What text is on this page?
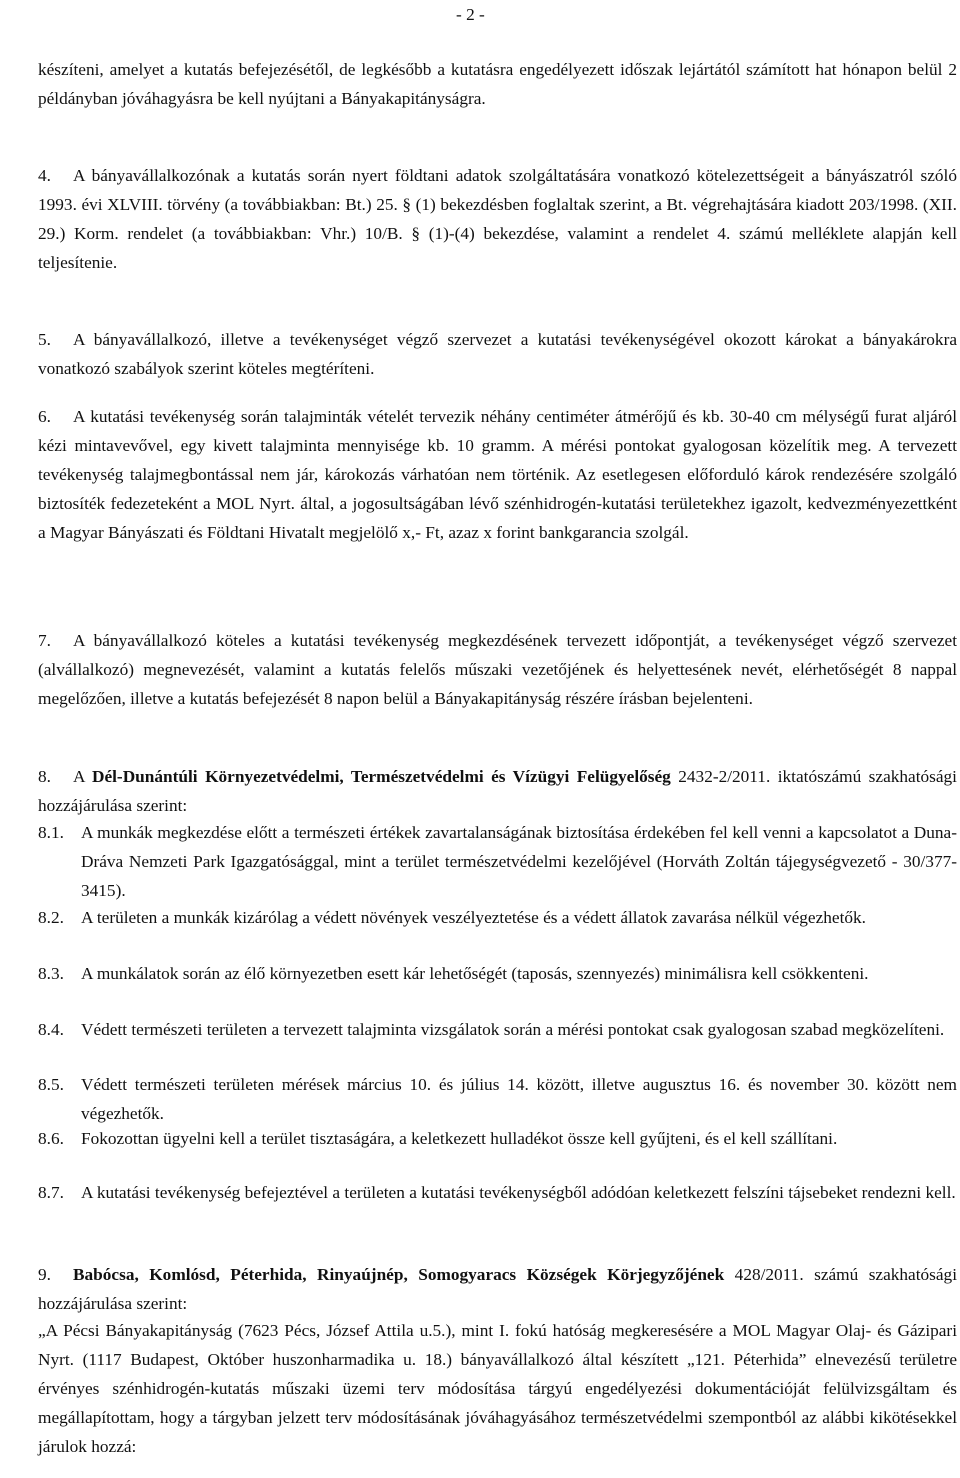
- 2 -
készíteni, amelyet a kutatás befejezésétől, de legkésőbb a kutatásra engedélyezett időszak lejártától számított hat hónapon belül 2 példányban jóváhagyásra be kell nyújtani a Bányakapitányságra.
4. A bányavállalkozónak a kutatás során nyert földtani adatok szolgáltatására vonatkozó kötelezettségeit a bányászatról szóló 1993. évi XLVIII. törvény (a továbbiakban: Bt.) 25. § (1) bekezdésben foglaltak szerint, a Bt. végrehajtására kiadott 203/1998. (XII. 29.) Korm. rendelet (a továbbiakban: Vhr.) 10/B. § (1)-(4) bekezdése, valamint a rendelet 4. számú melléklete alapján kell teljesítenie.
5. A bányavállalkozó, illetve a tevékenységet végző szervezet a kutatási tevékenységével okozott károkat a bányakárokra vonatkozó szabályok szerint köteles megtéríteni.
6. A kutatási tevékenység során talajminták vételét tervezik néhány centiméter átmérőjű és kb. 30-40 cm mélységű furat aljáról kézi mintavevővel, egy kivett talajminta mennyisége kb. 10 gramm. A mérési pontokat gyalogosan közelítik meg. A tervezett tevékenység talajmegbontással nem jár, károkozás várhatóan nem történik. Az esetlegesen előforduló károk rendezésére szolgáló biztosíték fedezeteként a MOL Nyrt. által, a jogosultságában lévő szénhidrogén-kutatási területekhez igazolt, kedvezményezettként a Magyar Bányászati és Földtani Hivatalt megjelölő x,- Ft, azaz x forint bankgarancia szolgál.
7. A bányavállalkozó köteles a kutatási tevékenység megkezdésének tervezett időpontját, a tevékenységet végző szervezet (alvállalkozó) megnevezését, valamint a kutatás felelős műszaki vezetőjének és helyettesének nevét, elérhetőségét 8 nappal megelőzően, illetve a kutatás befejezését 8 napon belül a Bányakapitányság részére írásban bejelenteni.
8. A Dél-Dunántúli Környezetvédelmi, Természetvédelmi és Vízügyi Felügyelőség 2432-2/2011. iktatószámú szakhatósági hozzájárulása szerint:
8.1. A munkák megkezdése előtt a természeti értékek zavartalanságának biztosítása érdekében fel kell venni a kapcsolatot a Duna-Dráva Nemzeti Park Igazgatósággal, mint a terület természetvédelmi kezelőjével (Horváth Zoltán tájegységvezető - 30/377-3415).
8.2. A területen a munkák kizárólag a védett növények veszélyeztetése és a védett állatok zavarása nélkül végezhetők.
8.3. A munkálatok során az élő környezetben esett kár lehetőségét (taposás, szennyezés) minimálisra kell csökkenteni.
8.4. Védett természeti területen a tervezett talajminta vizsgálatok során a mérési pontokat csak gyalogosan szabad megközelíteni.
8.5. Védett természeti területen mérések március 10. és július 14. között, illetve augusztus 16. és november 30. között nem végezhetők.
8.6. Fokozottan ügyelni kell a terület tisztaságára, a keletkezett hulladékot össze kell gyűjteni, és el kell szállítani.
8.7. A kutatási tevékenység befejeztével a területen a kutatási tevékenységből adódóan keletkezett felszíni tájsebeket rendezni kell.
9. Babócsa, Komlósd, Péterhida, Rinyaújnép, Somogyaracs Községek Körjegyzőjének 428/2011. számú szakhatósági hozzájárulása szerint:
„A Pécsi Bányakapitányság (7623 Pécs, József Attila u.5.), mint I. fokú hatóság megkeresésére a MOL Magyar Olaj- és Gázipari Nyrt. (1117 Budapest, Október huszonharmadika u. 18.) bányavállalkozó által készített „121. Péterhida” elnevezésű területre érvényes szénhidrogén-kutatás műszaki üzemi terv módosítása tárgyú engedélyezési dokumentációját felülvizsgáltam és megállapítottam, hogy a tárgyban jelzett terv módosításának jóváhagyásához természetvédelmi szempontból az alábbi kikötésekkel járulok hozzá:
